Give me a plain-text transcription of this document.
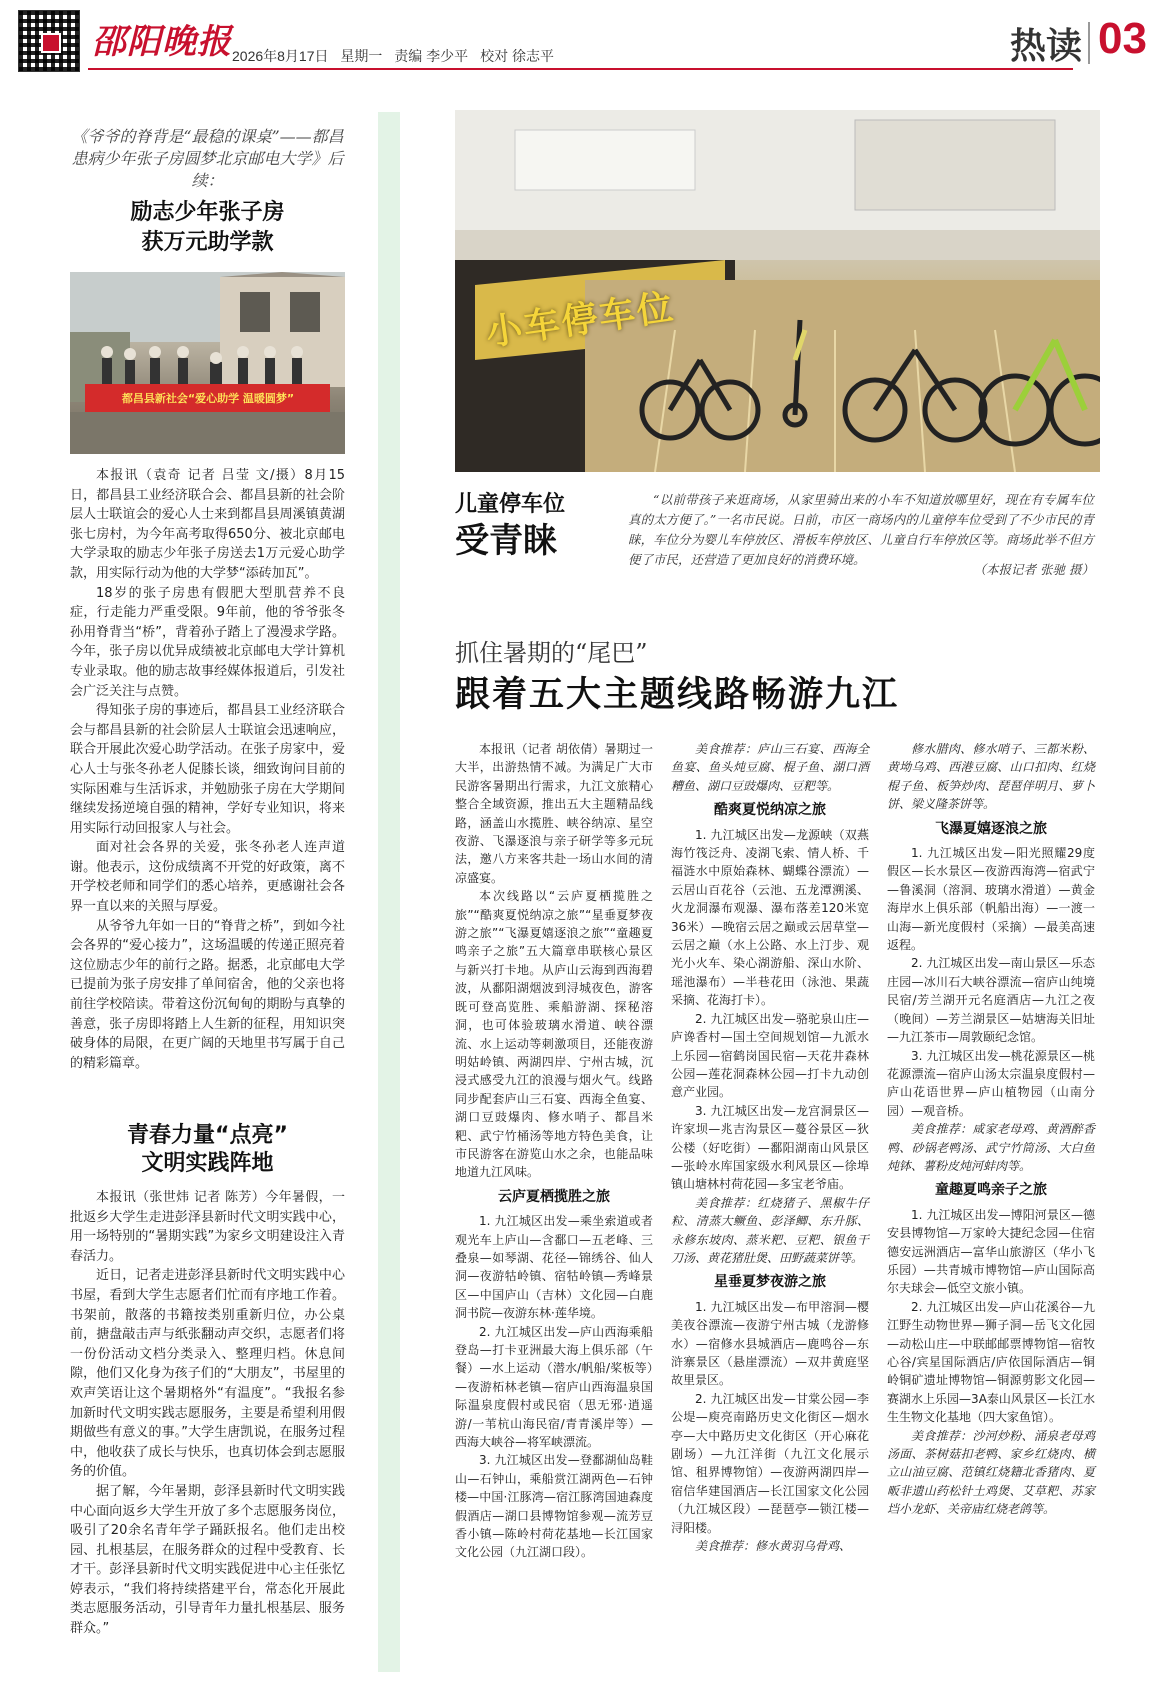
邵阳晚报 2026年8月17日 星期一 责编 李少平 校对 徐志平	热读 03
《爷爷的脊背是“最稳的课桌”——都昌患病少年张子房圆梦北京邮电大学》后续：
励志少年张子房
获万元助学款
都昌县新社会“爱心助学 温暖圆梦”

本报讯（袁奇 记者 吕莹 文/摄）8月15日，都昌县工业经济联合会、都昌县新的社会阶层人士联谊会的爱心人士来到都昌县周溪镇黄湖张七房村，为今年高考取得650分、被北京邮电大学录取的励志少年张子房送去1万元爱心助学款，用实际行动为他的大学梦“添砖加瓦”。

18岁的张子房患有假肥大型肌营养不良症，行走能力严重受限。9年前，他的爷爷张冬孙用脊背当“桥”，背着孙子踏上了漫漫求学路。今年，张子房以优异成绩被北京邮电大学计算机专业录取。他的励志故事经媒体报道后，引发社会广泛关注与点赞。

得知张子房的事迹后，都昌县工业经济联合会与都昌县新的社会阶层人士联谊会迅速响应，联合开展此次爱心助学活动。在张子房家中，爱心人士与张冬孙老人促膝长谈，细致询问目前的实际困难与生活诉求，并勉励张子房在大学期间继续发扬逆境自强的精神，学好专业知识，将来用实际行动回报家人与社会。

面对社会各界的关爱，张冬孙老人连声道谢。他表示，这份成绩离不开党的好政策，离不开学校老师和同学们的悉心培养，更感谢社会各界一直以来的关照与厚爱。

从爷爷九年如一日的“脊背之桥”，到如今社会各界的“爱心接力”，这场温暖的传递正照亮着这位励志少年的前行之路。据悉，北京邮电大学已提前为张子房安排了单间宿舍，他的父亲也将前往学校陪读。带着这份沉甸甸的期盼与真挚的善意，张子房即将踏上人生新的征程，用知识突破身体的局限，在更广阔的天地里书写属于自己的精彩篇章。

青春力量“点亮”
文明实践阵地

本报讯（张世炜 记者 陈芳）今年暑假，一批返乡大学生走进彭泽县新时代文明实践中心，用一场特别的“暑期实践”为家乡文明建设注入青春活力。

近日，记者走进彭泽县新时代文明实践中心书屋，看到大学生志愿者们忙而有序地工作着。书架前，散落的书籍按类别重新归位，办公桌前，搪盘敲击声与纸张翻动声交织，志愿者们将一份份活动文档分类录入、整理归档。休息间隙，他们又化身为孩子们的“大朋友”，书屋里的欢声笑语让这个暑期格外“有温度”。“我报名参加新时代文明实践志愿服务，主要是希望利用假期做些有意义的事。”大学生唐凯说，在服务过程中，他收获了成长与快乐，也真切体会到志愿服务的价值。

据了解，今年暑期，彭泽县新时代文明实践中心面向返乡大学生开放了多个志愿服务岗位，吸引了20余名青年学子踊跃报名。他们走出校园、扎根基层，在服务群众的过程中受教育、长才干。彭泽县新时代文明实践促进中心主任张忆婷表示，“我们将持续搭建平台，常态化开展此类志愿服务活动，引导青年力量扎根基层、服务群众。”

小车停车位
儿童停车位
受青睐
“以前带孩子来逛商场，从家里骑出来的小车不知道放哪里好，现在有专属车位真的太方便了。”一名市民说。日前，市区一商场内的儿童停车位受到了不少市民的青睐，车位分为婴儿车停放区、滑板车停放区、儿童自行车停放区等。商场此举不但方便了市民，还营造了更加良好的消费环境。
（本报记者 张驰 摄）
抓住暑期的“尾巴”
跟着五大主题线路畅游九江

本报讯（记者 胡依倩）暑期过一大半，出游热情不减。为满足广大市民游客暑期出行需求，九江文旅精心整合全域资源，推出五大主题精品线路，涵盖山水揽胜、峡谷纳凉、星空夜游、飞瀑逐浪与亲子研学等多元玩法，邀八方来客共赴一场山水间的清凉盛宴。

本次线路以“云庐夏栖揽胜之旅”“酷爽夏悦纳凉之旅”“星垂夏梦夜游之旅”“飞瀑夏嬉逐浪之旅”“童趣夏鸣亲子之旅”五大篇章串联核心景区与新兴打卡地。从庐山云海到西海碧波，从鄱阳湖烟波到浔城夜色，游客既可登高览胜、乘船游湖、探秘溶洞，也可体验玻璃水滑道、峡谷漂流、水上运动等刺激项目，还能夜游明姑岭镇、两湖四岸、宁州古城，沉浸式感受九江的浪漫与烟火气。线路同步配套庐山三石宴、西海全鱼宴、湖口豆豉爆肉、修水哨子、都昌米粑、武宁竹桶汤等地方特色美食，让市民游客在游览山水之余，也能品味地道九江风味。

云庐夏栖揽胜之旅

1. 九江城区出发—乘坐索道或者观光车上庐山—含鄱口—五老峰、三叠泉—如琴湖、花径—锦绣谷、仙人洞—夜游牯岭镇、宿牯岭镇—秀峰景区—中国庐山（吉林）文化园—白鹿洞书院—夜游东林·莲华境。

2. 九江城区出发—庐山西海乘船登岛—打卡亚洲最大海上俱乐部（午餐）—水上运动（潜水/帆船/桨板等）—夜游柘林老镇—宿庐山西海温泉国际温泉度假村或民宿（思无邪·逍遥游/一苇杭山海民宿/青青溪岸等）—西海大峡谷—将军峡漂流。

3. 九江城区出发—登鄱湖仙岛鞋山—石钟山，乘船赏江湖两色—石钟楼—中国·江豚湾—宿江豚湾国迪森度假酒店—湖口县博物馆参观—流芳豆香小镇—陈岭村荷花基地—长江国家文化公园（九江湖口段）。

美食推荐：庐山三石宴、西海全鱼宴、鱼头炖豆腐、棍子鱼、湖口酒糟鱼、湖口豆豉爆肉、豆粑等。

酷爽夏悦纳凉之旅

1. 九江城区出发—龙源峡（双燕海竹筏泛舟、凌湖飞索、情人桥、千福涟水中原始森林、蝴蝶谷漂流）—云居山百花谷（云池、五龙潭溯溪、火龙洞瀑布观瀑、瀑布落差120米宽36米）—晚宿云居之巅或云居草堂—云居之巅（水上公路、水上汀步、观光小火车、染心湖游船、深山水阶、瑶池瀑布）—半巷花田（泳池、果蔬采摘、花海打卡）。

2. 九江城区出发—骆驼泉山庄—庐谗香村—国土空间规划馆—九派水上乐园—宿鹤岗国民宿—天花井森林公园—莲花洞森林公园—打卡九动创意产业园。

3. 九江城区出发—龙宫洞景区—许家坝—兆吉沟景区—蔓谷景区—狄公楼（好吃街）—鄱阳湖南山风景区—张岭水库国家级水利风景区—徐埠镇山塘林村荷花园—多宝老爷庙。

美食推荐：红烧猪子、黑椒牛仔粒、清蒸大鳜鱼、彭泽鲫、东升豚、永修东坡肉、蒸米粑、豆粑、银鱼干刀汤、黄花猪肚煲、田野蔬菜饼等。

星垂夏梦夜游之旅

1. 九江城区出发—布甲溶洞—樱美夜谷漂流—夜游宁州古城（龙游修水）—宿修水县城酒店—鹿鸣谷—东浒寨景区（悬崖漂流）—双井黄庭坚故里景区。

2. 九江城区出发—甘棠公园—李公堤—庾亮南路历史文化街区—烟水亭—大中路历史文化街区（开心麻花剧场）—九江洋街（九江文化展示馆、租界博物馆）—夜游两湖四岸—宿信华建国酒店—长江国家文化公园（九江城区段）—琵琶亭—锁江楼—浔阳楼。

美食推荐：修水黄羽乌骨鸡、

修水腊肉、修水哨子、三都米粉、黄坳乌鸡、西港豆腐、山口扣肉、红烧棍子鱼、板笋炒肉、琵琶伴明月、萝卜饼、梁义隆茶饼等。

飞瀑夏嬉逐浪之旅

1. 九江城区出发—阳光照耀29度假区—长水景区—夜游西海湾—宿武宁—鲁溪洞（溶洞、玻璃水滑道）—黄金海岸水上俱乐部（帆船出海）—一渡一山海—新光度假村（采摘）—最美高速返程。

2. 九江城区出发—南山景区—乐态庄园—冰川石大峡谷漂流—宿庐山纯境民宿/芳兰湖开元名庭酒店—九江之夜（晚间）—芳兰湖景区—姑塘海关旧址—九江茶市—周敦颐纪念馆。

3. 九江城区出发—桃花源景区—桃花源漂流—宿庐山汤太宗温泉度假村—庐山花语世界—庐山植物园（山南分园）—观音桥。

美食推荐：咸家老母鸡、黄酒醉香鸭、砂锅老鸭汤、武宁竹筒汤、大白鱼炖钵、薯粉皮炖河蚌肉等。

童趣夏鸣亲子之旅

1. 九江城区出发—博阳河景区—德安县博物馆—万家岭大捷纪念园—住宿德安远洲酒店—富华山旅游区（华小飞乐园）—共青城市博物馆—庐山国际高尔夫球会—低空文旅小镇。

2. 九江城区出发—庐山花溪谷—九江野生动物世界—狮子洞—岳飞文化园—动松山庄—中联邮邮票博物馆—宿牧心谷/宾星国际酒店/庐依国际酒店—铜岭铜矿遗址博物馆—铜源剪影文化园—赛湖水上乐园—3A泰山风景区—长江水生生物文化基地（四大家鱼馆）。

美食推荐：沙河炒粉、涌泉老母鸡汤面、茶树菇扣老鸭、家乡红烧肉、横立山油豆腐、范镇红烧籍北香猪肉、夏畈非遗山药松针土鸡煲、艾草粑、苏家垱小龙虾、关帝庙红烧老鸽等。
